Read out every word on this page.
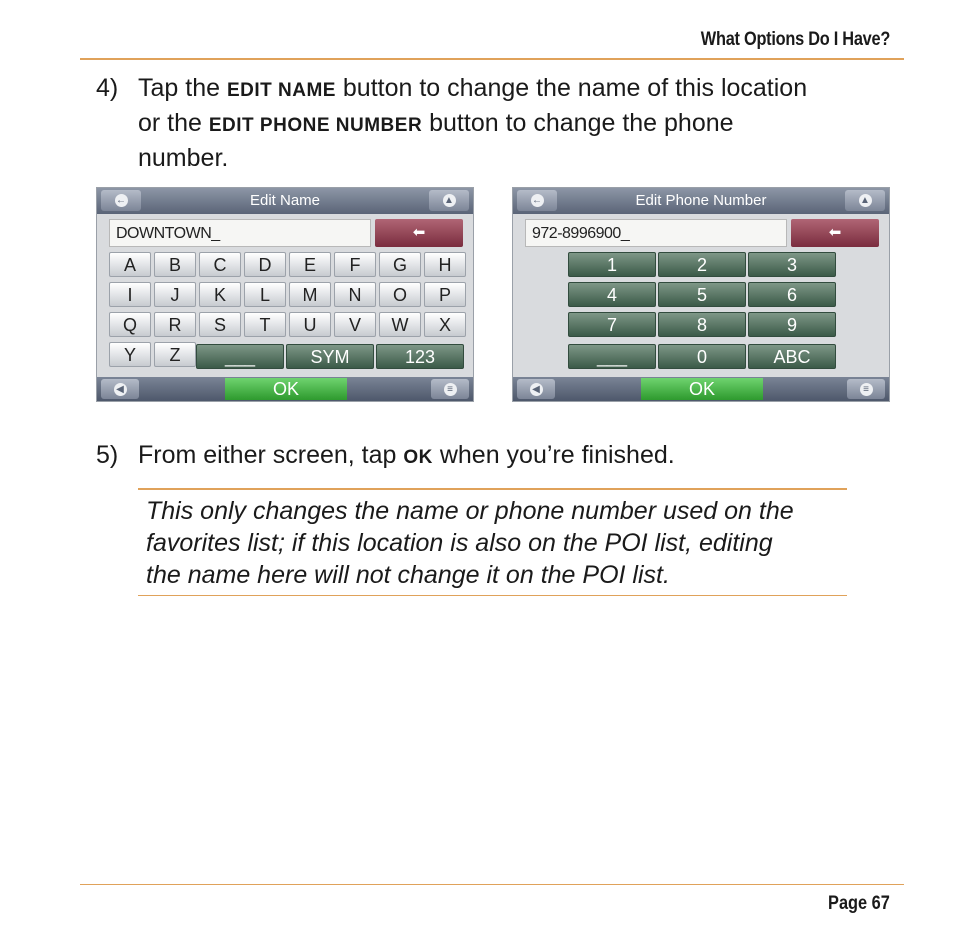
What Options Do I Have?
4) Tap the EDIT NAME button to change the name of this location
or the EDIT PHONE NUMBER button to change the phone
number.
←	Edit Name	▲
DOWNTOWN_	⬅
A	B	C	D	E	F	G	H
I	J	K	L	M	N	O	P
Q	R	S	T	U	V	W	X
Y	Z	___	SYM	123
◀	OK	≡
←	Edit Phone Number	▲
972-8996900_	⬅
1	2	3
4	5	6
7	8	9
___	0	ABC
◀	OK	≡
5) From either screen, tap OK when you’re finished.
This only changes the name or phone number used on the
favorites list; if this location is also on the POI list, editing
the name here will not change it on the POI list.
Page 67
